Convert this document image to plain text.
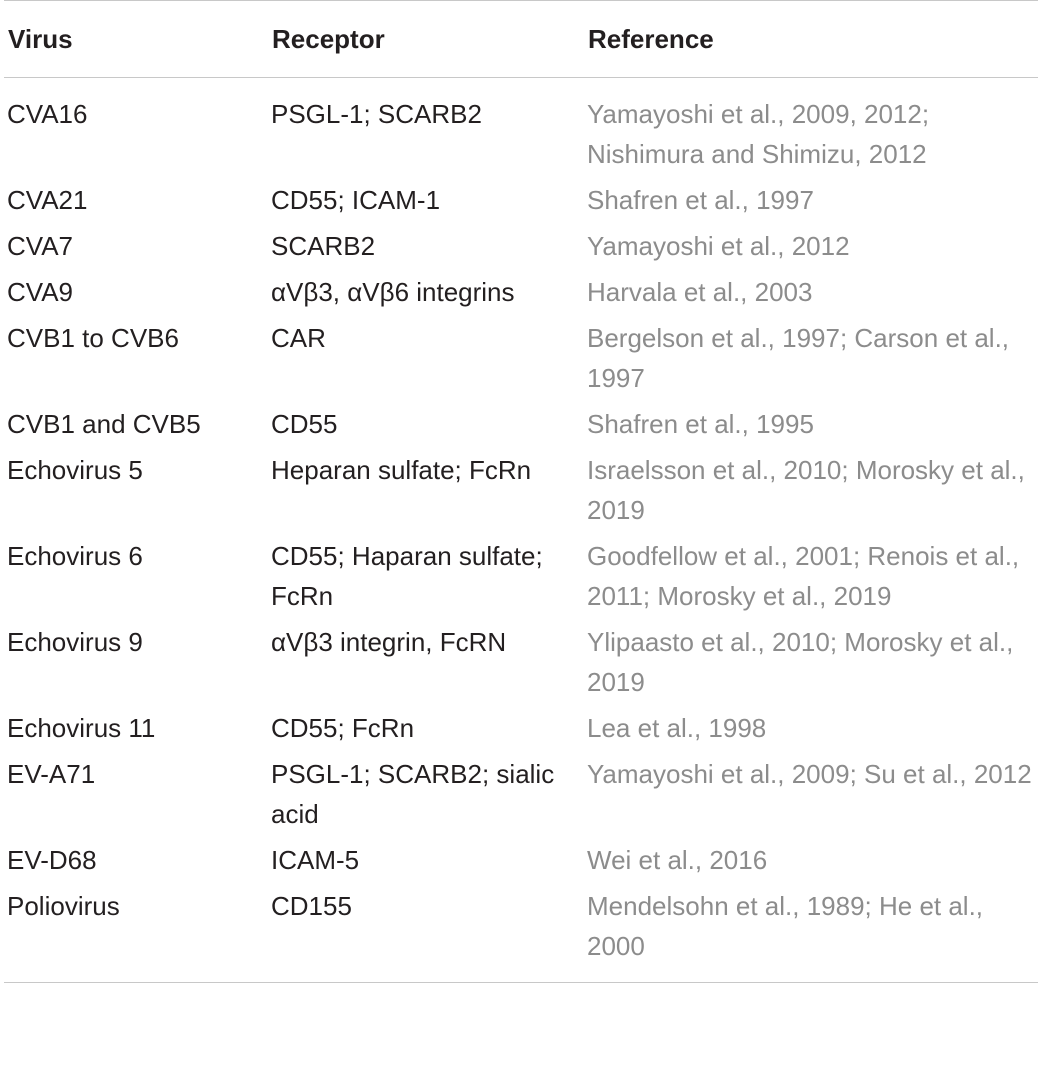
Virus	Receptor	Reference
CVA16	PSGL-1; SCARB2	Yamayoshi et al., 2009, 2012; Nishimura and Shimizu, 2012
CVA21	CD55; ICAM-1	Shafren et al., 1997
CVA7	SCARB2	Yamayoshi et al., 2012
CVA9	αVβ3, αVβ6 integrins	Harvala et al., 2003
CVB1 to CVB6	CAR	Bergelson et al., 1997; Carson et al., 1997
CVB1 and CVB5	CD55	Shafren et al., 1995
Echovirus 5	Heparan sulfate; FcRn	Israelsson et al., 2010; Morosky et al., 2019
Echovirus 6	CD55; Haparan sulfate; FcRn	Goodfellow et al., 2001; Renois et al., 2011; Morosky et al., 2019
Echovirus 9	αVβ3 integrin, FcRN	Ylipaasto et al., 2010; Morosky et al., 2019
Echovirus 11	CD55; FcRn	Lea et al., 1998
EV-A71	PSGL-1; SCARB2; sialic acid	Yamayoshi et al., 2009; Su et al., 2012
EV-D68	ICAM-5	Wei et al., 2016
Poliovirus	CD155	Mendelsohn et al., 1989; He et al., 2000
